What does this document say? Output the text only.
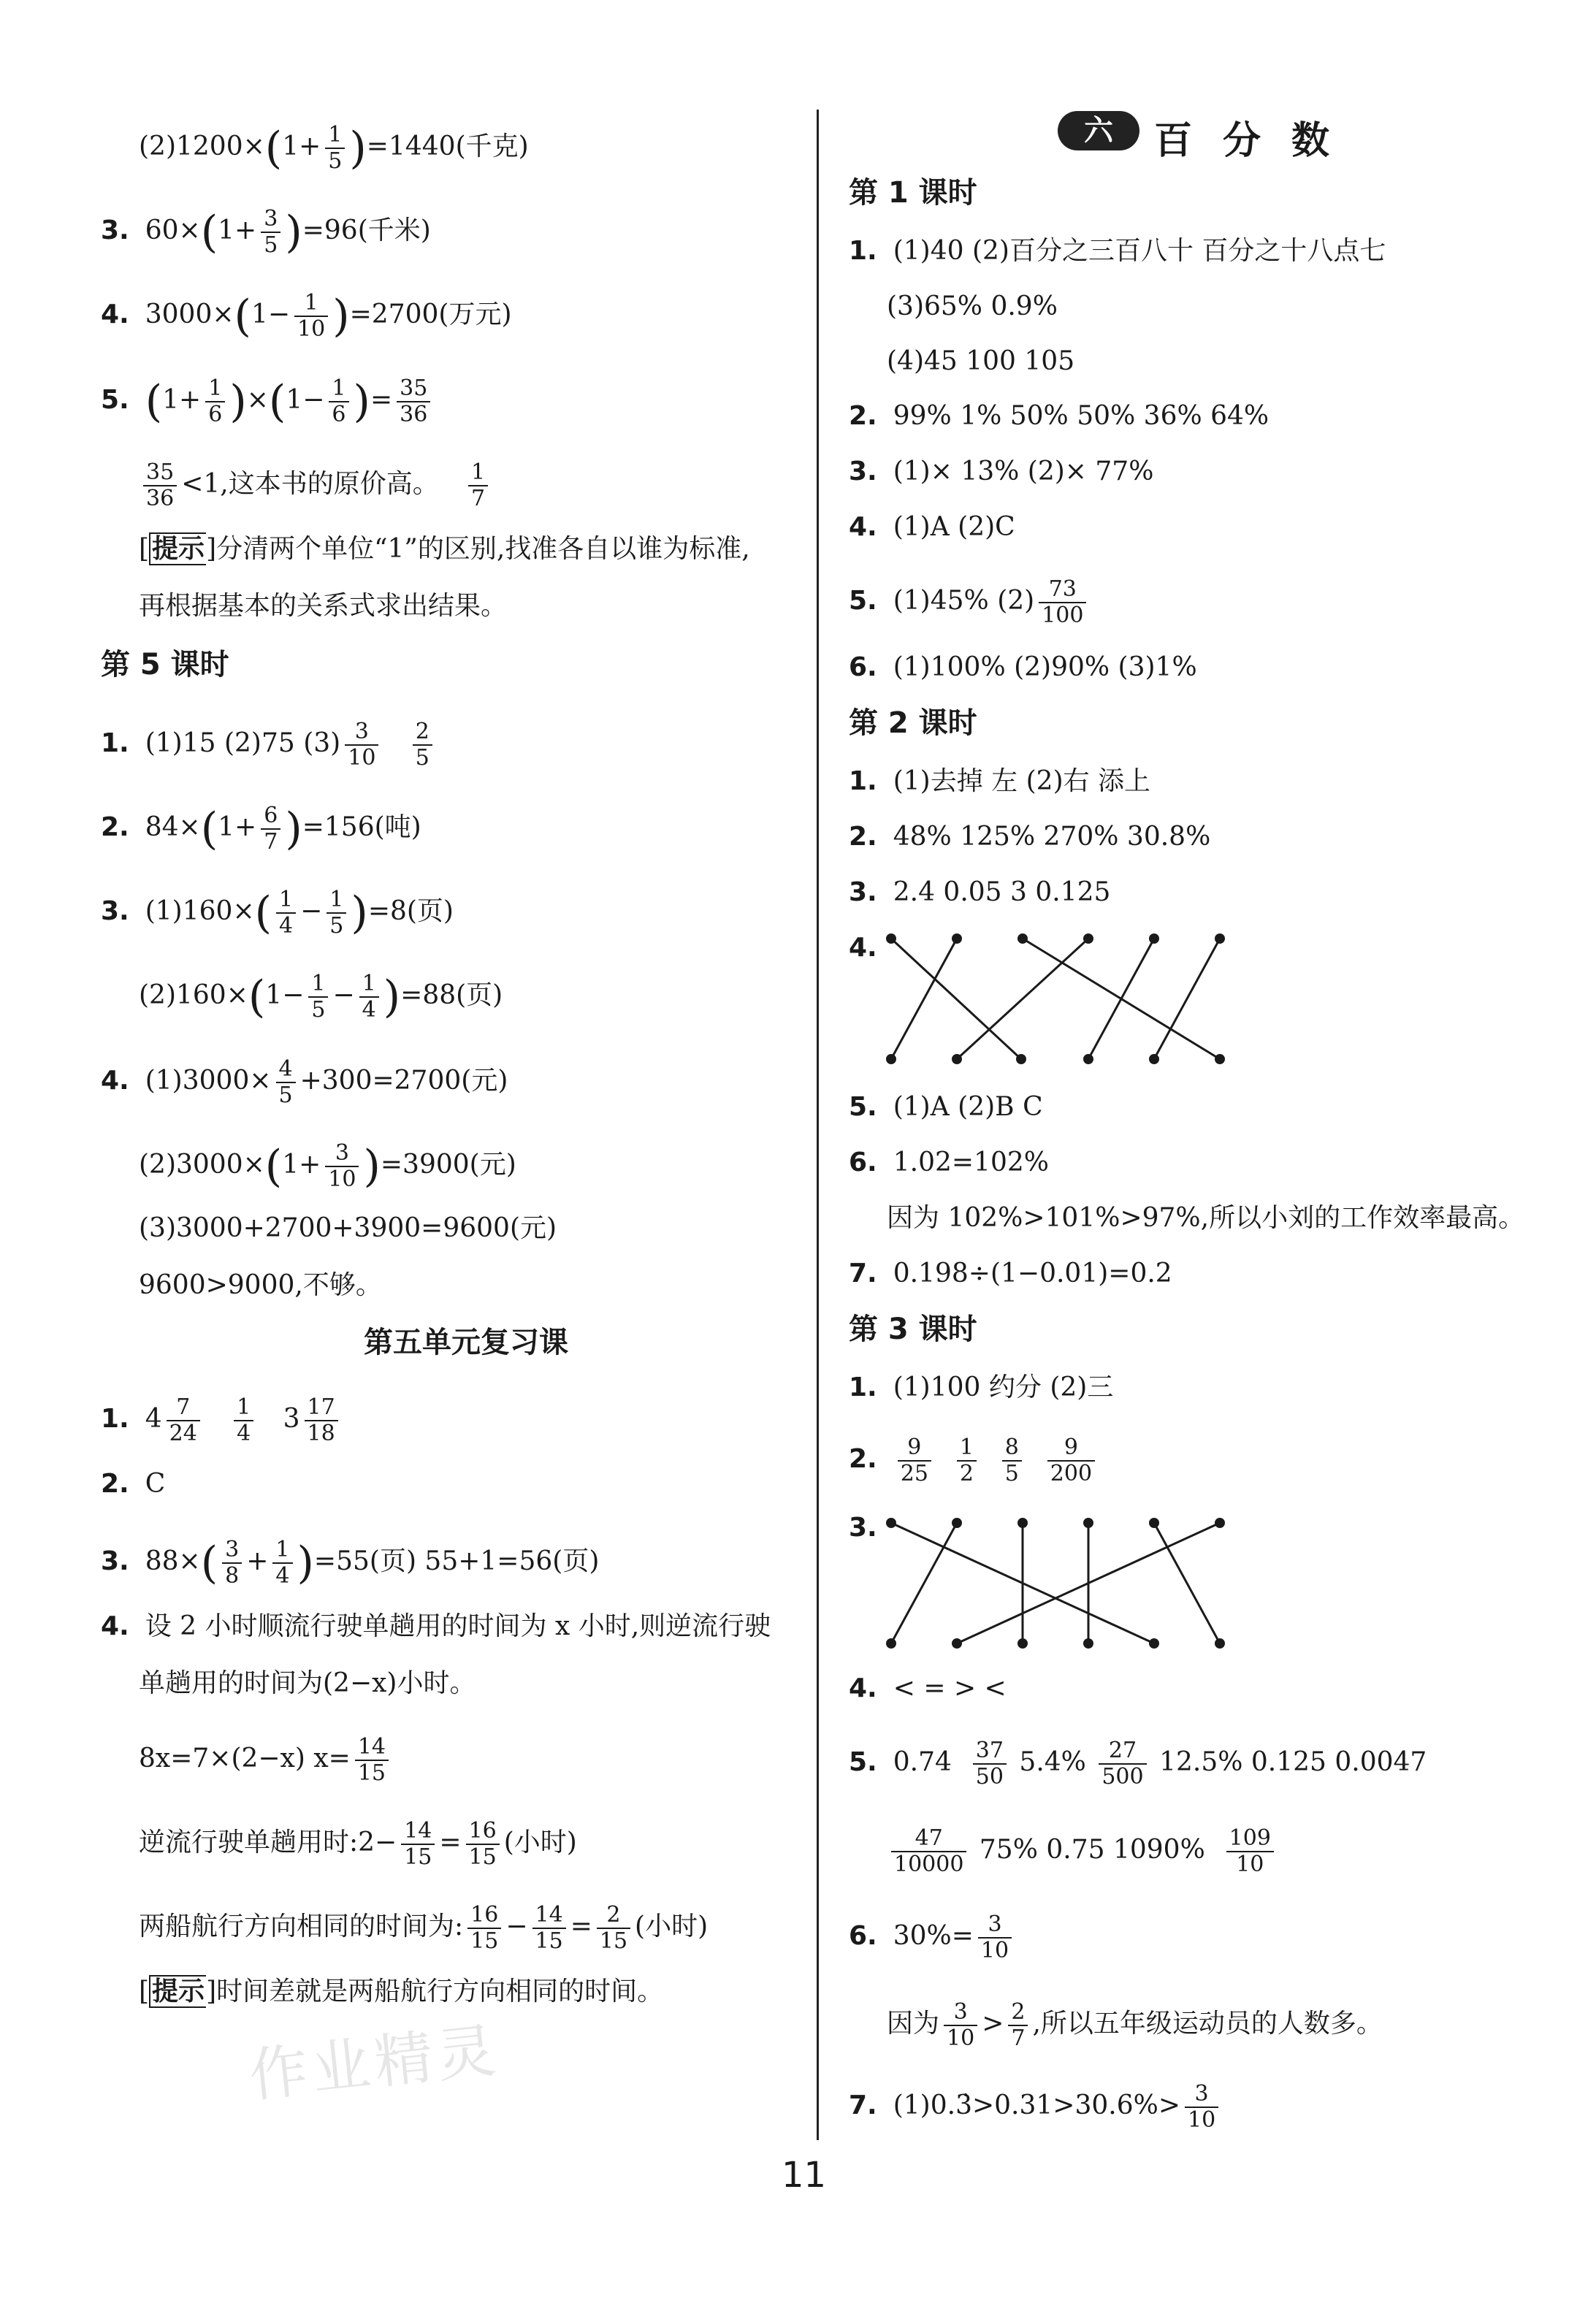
$(2)1200\times(1+ \frac{1}{5} )=1440$(千克)
3. $60\times(1+ \frac{3}{5} )=96$(千米)
4. $3000\times(1- \frac{1}{10} )=2700$(万元)
5. $(1+ \frac{1}{6} )\times(1- \frac{1}{6}$ )= $\frac{35}{36}$
$\frac{35}{36} <1$,这本书的原价高。 $\frac{1}{7}$
[ 提示]分清两个单位“1”的区别,找准各自以谁为标准,
再根据基本的关系式求出结果。
第 5 课时
1. (1)15 (2)75 $(3) \frac{3}{10}$
$\frac{2}{5}$
2. $84\times(1+ \frac{6}{7} )=156$(吨)
3. $(1)160\times( \frac{1}{4} - \frac{1}{5} )=8$(页)
$(2)160\times(1- \frac{1}{5} - \frac{1}{4} )=88$(页)
4. $(1)3000\times \frac{4}{5} +300=2700$(元)
$(2)3000\times(1+ \frac{3}{10} )=3900$(元)
(3)3000+2700+3900=9600(元)
9600>9000,不够。
第五单元复习课
1. $4 \frac{7}{24}$
$\frac{1}{4} 3 \frac{17}{18}$
2. C
3. $88\times( \frac{3}{8} + \frac{1}{4} )=55$(页) 55+1=56(页)
4. 设 2 小时顺流行驶单趟用的时间为 x 小时,则逆流行驶
单趟用的时间为(2−x)小时。
8x=7×(2−x) $x= \frac{14}{15}$
逆流行驶单趟用时:2− $\frac{14}{15} = \frac{16}{15}$ (小时)
两船航行方向相同的时间为: $\frac{16}{15} - \frac{14}{15} = \frac{2}{15}$ (小时)
[ 提示]时间差就是两船航行方向相同的时间。
作业精灵
六	百分数
第 1 课时
1. (1)40 (2)百分之三百八十 百分之十八点七
(3)65% 0.9%
(4)45 100 105
2. 99% 1% 50% 50% 36% 64%
3. (1)× 13% (2)× 77%
4. (1)A (2)C
5. (1)45% $(2) \frac{73}{100}$
6. (1)100% (2)90% (3)1%
第 2 课时
1. (1)去掉 左 (2)右 添上
2. 48% 125% 270% 30.8%
3. 2.4 0.05 3 0.125
4.
5. (1)A (2)B C
6. 1.02=102%
因为 102%>101%>97%,所以小刘的工作效率最高。
7. 0.198÷(1−0.01)=0.2
第 3 课时
1. (1)100 约分 (2)三
2. $\frac{9}{25}$
$\frac{1}{2}$
$\frac{8}{5}$
$\frac{9}{200}$
3.
4. < = > <
5. $0.74 \frac{37}{50} 5.4\% \frac{27}{500} 12.5\%$ 0.125 0.0047
$\frac{47}{10000} 75\%$ 0.75 $1090\% \frac{109}{10}$
6. $30\%= \frac{3}{10}$
因为 $\frac{3}{10} > \frac{2}{7}$ ,所以五年级运动员的人数多。
7. (1)0.3̇>0.31>30.6%> $\frac{3}{10}$
11
